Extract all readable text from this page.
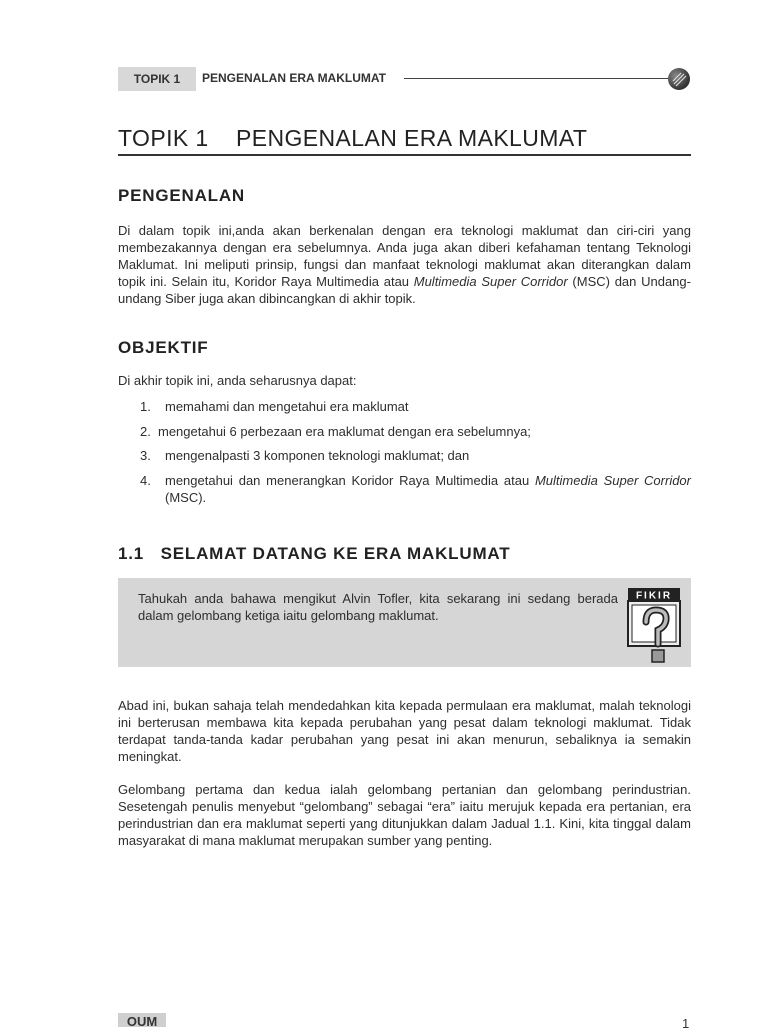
TOPIK 1	PENGENALAN ERA MAKLUMAT
TOPIK 1 PENGENALAN ERA MAKLUMAT
PENGENALAN

Di dalam topik ini,anda akan berkenalan dengan era teknologi maklumat dan ciri-ciri yang membezakannya dengan era sebelumnya. Anda juga akan diberi kefahaman tentang Teknologi Maklumat. Ini meliputi prinsip, fungsi dan manfaat teknologi maklumat akan diterangkan dalam topik ini. Selain itu, Koridor Raya Multimedia atau Multimedia Super Corridor (MSC) dan Undang-undang Siber juga akan dibincangkan di akhir topik.

OBJEKTIF
Di akhir topik ini, anda seharusnya dapat:
1. memahami dan mengetahui era maklumat
2. mengetahui 6 perbezaan era maklumat dengan era sebelumnya;
3. mengenalpasti 3 komponen teknologi maklumat; dan
4. mengetahui dan menerangkan Koridor Raya Multimedia atau Multimedia Super Corridor (MSC).
1.1   SELAMAT DATANG KE ERA MAKLUMAT
Tahukah anda bahawa mengikut Alvin Tofler, kita sekarang ini sedang berada dalam gelombang ketiga iaitu gelombang maklumat.
FIKIR

Abad ini, bukan sahaja telah mendedahkan kita kepada permulaan era maklumat, malah teknologi ini berterusan membawa kita kepada perubahan yang pesat dalam teknologi maklumat. Tidak terdapat tanda-tanda kadar perubahan yang pesat ini akan menurun, sebaliknya ia semakin meningkat.

Gelombang pertama dan kedua ialah gelombang pertanian dan gelombang perindustrian. Sesetengah penulis menyebut “gelombang” sebagai “era” iaitu merujuk kepada era pertanian, era perindustrian dan era maklumat seperti yang ditunjukkan dalam Jadual 1.1. Kini, kita tinggal dalam masyarakat di mana maklumat merupakan sumber yang penting.

OUM	1
